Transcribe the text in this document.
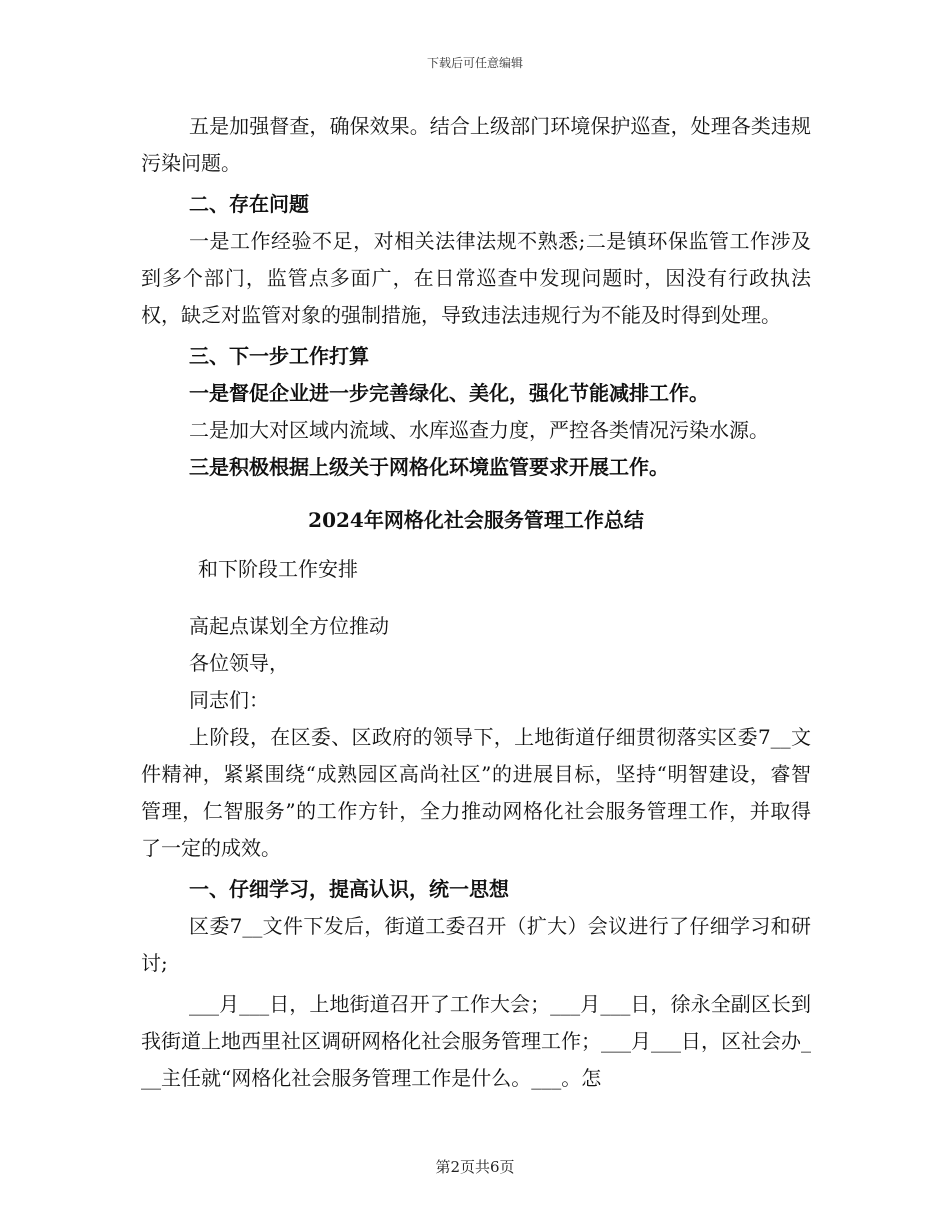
下载后可任意编辑

五是加强督查，确保效果。结合上级部门环境保护巡查，处理各类违规污染问题。

二、存在问题

一是工作经验不足，对相关法律法规不熟悉;二是镇环保监管工作涉及到多个部门，监管点多面广，在日常巡查中发现问题时，因没有行政执法权，缺乏对监管对象的强制措施，导致违法违规行为不能及时得到处理。

三、下一步工作打算

一是督促企业进一步完善绿化、美化，强化节能减排工作。

二是加大对区域内流域、水库巡查力度，严控各类情况污染水源。

三是积极根据上级关于网格化环境监管要求开展工作。

2024年网格化社会服务管理工作总结
和下阶段工作安排

高起点谋划全方位推动

各位领导，

同志们：

上阶段，在区委、区政府的领导下，上地街道仔细贯彻落实区委7__文件精神，紧紧围绕“成熟园区高尚社区”的进展目标，坚持“明智建设，睿智管理，仁智服务”的工作方针，全力推动网格化社会服务管理工作，并取得了一定的成效。

一、仔细学习，提高认识，统一思想

区委7__文件下发后，街道工委召开（扩大）会议进行了仔细学习和研讨;

___月___日，上地街道召开了工作大会；___月___日，徐永全副区长到我街道上地西里社区调研网格化社会服务管理工作；___月___日，区社会办___主任就“网格化社会服务管理工作是什么。___。怎

第2页共6页
